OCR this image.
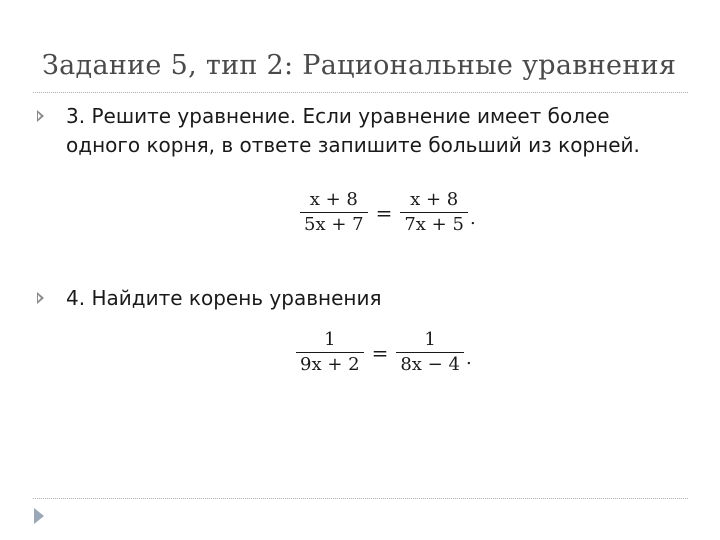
Задание 5, тип 2: Рациональные уравнения
3. Решите уравнение. Если уравнение имеет более
одного корня, в ответе запишите больший из корней.
$\frac{x + 8}{5x + 7} = \frac{x + 8}{7x + 5}$ .
4. Найдите корень уравнения
$\frac{1}{9x + 2} = \frac{1}{8x - 4}$ .
